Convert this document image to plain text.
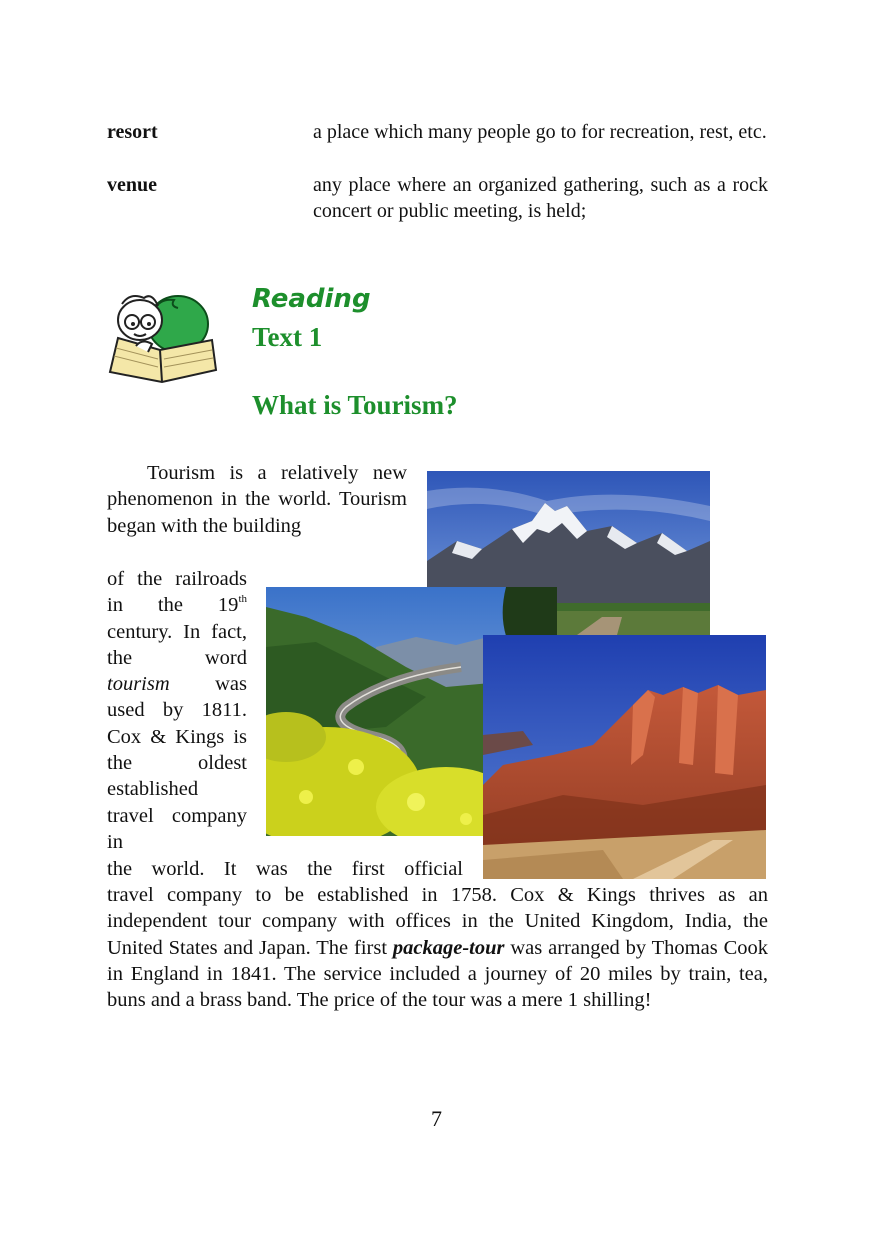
resort	a place which many people go to for recreation, rest, etc.
venue	any place where an organized gathering, such as a rock concert or public meeting, is held;
Reading
Text 1
What is Tourism?

Tourism is a relatively new phenomenon in the world. Tourism began with the building

of the railroads in the 19th century. In fact, the word tourism was used by 1811. Cox & Kings is the oldest established travel company in

the world. It was the first official

travel company to be established in 1758. Cox & Kings thrives as an independent tour company with offices in the United Kingdom, India, the United States and Japan. The first package-tour was arranged by Thomas Cook in England in 1841. The service included a journey of 20 miles by train, tea, buns and a brass band. The price of the tour was a mere 1 shilling!

7
